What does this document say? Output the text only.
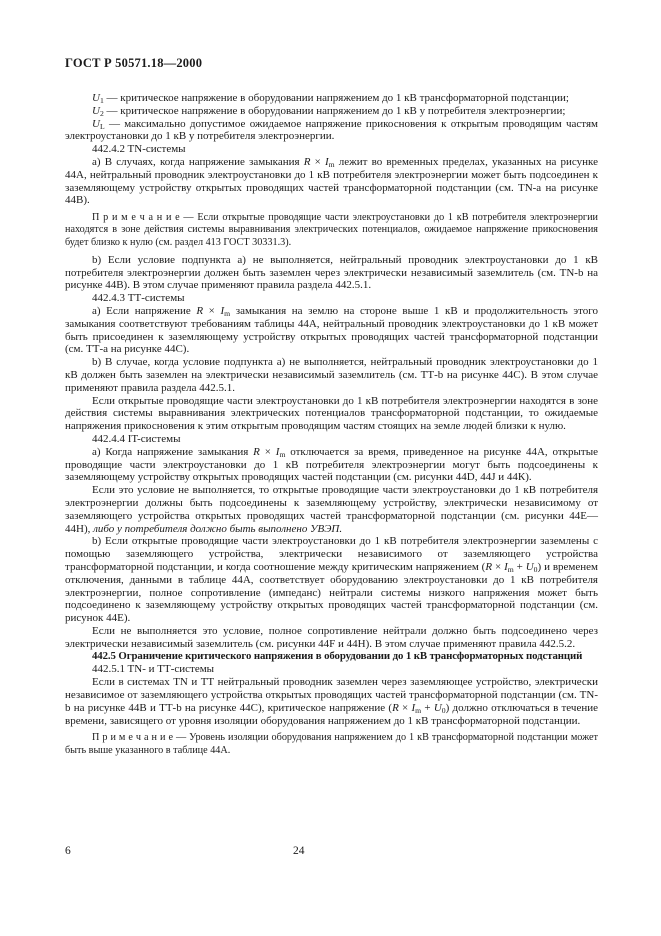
ГОСТ Р 50571.18—2000

$U_1$ — критическое напряжение в оборудовании напряжением до 1 кВ трансформаторной подстанции;

$U_2$ — критическое напряжение в оборудовании напряжением до 1 кВ у потребителя электроэнергии;

$U_L$ — максимально допустимое ожидаемое напряжение прикосновения к открытым проводящим частям электроустановки до 1 кВ у потребителя электроэнергии.

442.4.2 TN-системы

a) В случаях, когда напряжение замыкания $R \times I_m$ лежит во временных пределах, указанных на рисунке 44А, нейтральный проводник электроустановки до 1 кВ потребителя электроэнергии может быть подсоединен к заземляющему устройству открытых проводящих частей трансформаторной подстанции (см. TN-a на рисунке 44В).

П р и м е ч а н и е — Если открытые проводящие части электроустановки до 1 кВ потребителя электроэнергии находятся в зоне действия системы выравнивания электрических потенциалов, ожидаемое напряжение прикосновения будет близко к нулю (см. раздел 413 ГОСТ 30331.3).

b) Если условие подпункта a) не выполняется, нейтральный проводник электроустановки до 1 кВ потребителя электроэнергии должен быть заземлен через электрически независимый заземлитель (см. TN-b на рисунке 44В). В этом случае применяют правила раздела 442.5.1.

442.4.3 ТТ-системы

a) Если напряжение $R \times I_m$ замыкания на землю на стороне выше 1 кВ и продолжительность этого замыкания соответствуют требованиям таблицы 44А, нейтральный проводник электроустановки до 1 кВ может быть присоединен к заземляющему устройству открытых проводящих частей трансформаторной подстанции (см. ТТ-а на рисунке 44С).

b) В случае, когда условие подпункта a) не выполняется, нейтральный проводник электроустановки до 1 кВ должен быть заземлен на электрически независимый заземлитель (см. ТТ-b на рисунке 44С). В этом случае применяют правила раздела 442.5.1.

Если открытые проводящие части электроустановки до 1 кВ потребителя электроэнергии находятся в зоне действия системы выравнивания электрических потенциалов трансформаторной подстанции, то ожидаемые напряжения прикосновения к этим открытым проводящим частям стоящих на земле людей близки к нулю.

442.4.4 IT-системы

a) Когда напряжение замыкания $R \times I_m$ отключается за время, приведенное на рисунке 44А, открытые проводящие части электроустановки до 1 кВ потребителя электроэнергии могут быть подсоединены к заземляющему устройству открытых проводящих частей подстанции (см. рисунки 44D, 44J и 44К).

Если это условие не выполняется, то открытые проводящие части электроустановки до 1 кВ потребителя электроэнергии должны быть подсоединены к заземляющему устройству, электрически независимому от заземляющего устройства открытых проводящих частей трансформаторной подстанции (см. рисунки 44Е—44Н), либо у потребителя должно быть выполнено УВЭП.

b) Если открытые проводящие части электроустановки до 1 кВ потребителя электроэнергии заземлены с помощью заземляющего устройства, электрически независимого от заземляющего устройства трансформаторной подстанции, и когда соотношение между критическим напряжением $(R \times I_m + U_0)$ и временем отключения, данными в таблице 44А, соответствует оборудованию электроустановки до 1 кВ потребителя электроэнергии, полное сопротивление (импеданс) нейтрали системы низкого напряжения может быть подсоединено к заземляющему устройству открытых проводящих частей трансформаторной подстанции (см. рисунок 44Е).

Если не выполняется это условие, полное сопротивление нейтрали должно быть подсоединено через электрически независимый заземлитель (см. рисунки 44F и 44Н). В этом случае применяют правила 442.5.2.

442.5 Ограничение критического напряжения в оборудовании до 1 кВ трансформаторных подстанций

442.5.1 TN- и ТТ-системы

Если в системах TN и ТТ нейтральный проводник заземлен через заземляющее устройство, электрически независимое от заземляющего устройства открытых проводящих частей трансформаторной подстанции (см. TN-b на рисунке 44В и ТТ-b на рисунке 44С), критическое напряжение $(R \times I_m + U_0)$ должно отключаться в течение времени, зависящего от уровня изоляции оборудования напряжением до 1 кВ трансформаторной подстанции.

П р и м е ч а н и е — Уровень изоляции оборудования напряжением до 1 кВ трансформаторной подстанции может быть выше указанного в таблице 44А.

6	24
